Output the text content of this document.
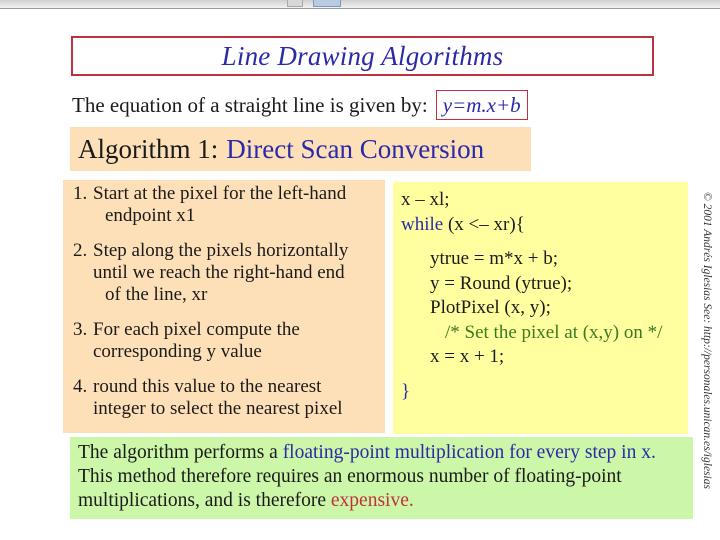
Line Drawing Algorithms
The equation of a straight line is given by: y=m.x+b
Algorithm 1: Direct Scan Conversion
1. Start at the pixel for the left-hand
endpoint x1
2. Step along the pixels horizontally
until we reach the right-hand end
of the line, xr
3. For each pixel compute the
corresponding y value
4. round this value to the nearest
integer to select the nearest pixel
x – xl;
while (x <– xr){
ytrue = m*x + b;
y = Round (ytrue);
PlotPixel (x, y);
/* Set the pixel at (x,y) on */
x = x + 1;
}
The algorithm performs a floating-point multiplication for every step in x. This method therefore requires an enormous number of floating-point multiplications, and is therefore expensive.
© 2001 Andrés Iglesias See: http://personales.unican.es/iglesias
